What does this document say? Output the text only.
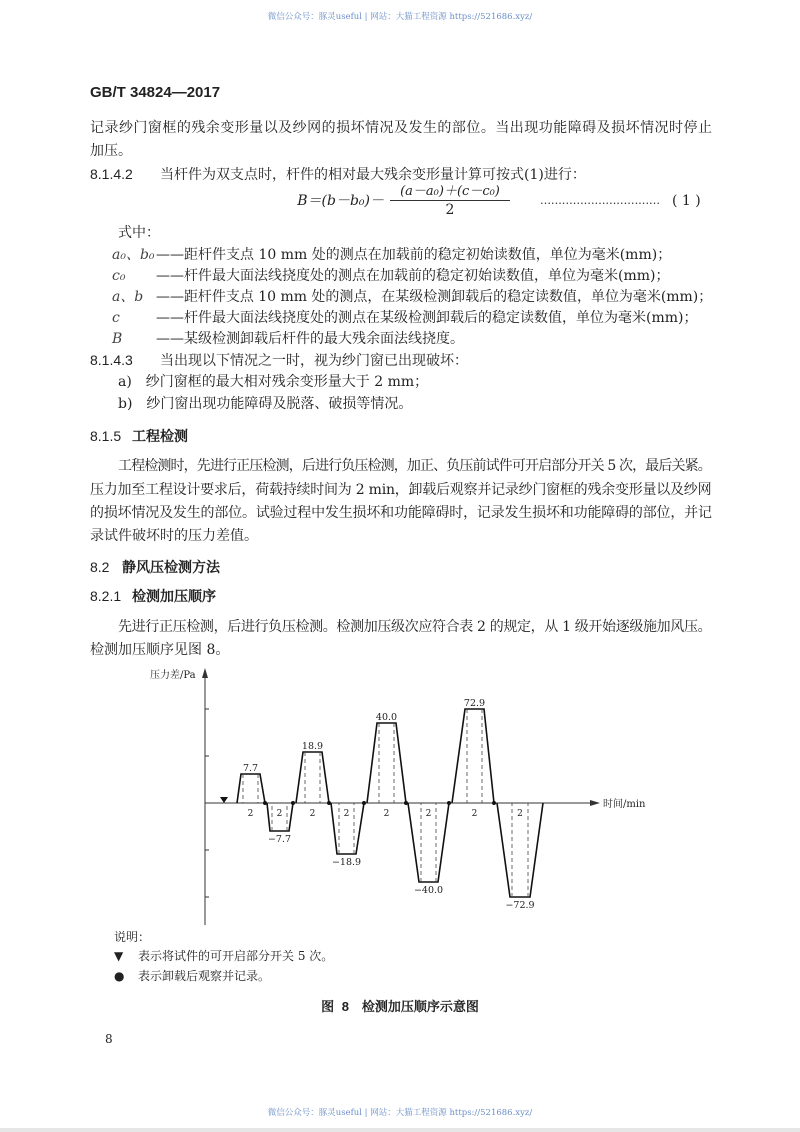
微信公众号：豚灵useful | 网站：大猫工程资源 https://521686.xyz/
GB/T 34824—2017
记录纱门窗框的残余变形量以及纱网的损坏情况及发生的部位。当出现功能障碍及损坏情况时停止
加压。
8.1.4.2 当杆件为双支点时，杆件的相对最大残余变形量计算可按式(1)进行：
B＝(b－b₀)－
(a－a₀)＋(c－c₀)
2
…………………………… ( 1 )
式中：
a₀、b₀——距杆件支点 10 mm 处的测点在加载前的稳定初始读数值，单位为毫米(mm)；
c₀ ——杆件最大面法线挠度处的测点在加载前的稳定初始读数值，单位为毫米(mm)；
a、b ——距杆件支点 10 mm 处的测点，在某级检测卸载后的稳定读数值，单位为毫米(mm)；
c	——杆件最大面法线挠度处的测点在某级检测卸载后的稳定读数值，单位为毫米(mm)；
B ——某级检测卸载后杆件的最大残余面法线挠度。
8.1.4.3 当出现以下情况之一时，视为纱门窗已出现破坏：
a)　纱门窗框的最大相对残余变形量大于 2 mm；
b)　纱门窗出现功能障碍及脱落、破损等情况。
8.1.5 工程检测
工程检测时，先进行正压检测，后进行负压检测，加正、负压前试件可开启部分开关 5 次，最后关紧。
压力加至工程设计要求后，荷载持续时间为 2 min，卸载后观察并记录纱门窗框的残余变形量以及纱网
的损坏情况及发生的部位。试验过程中发生损坏和功能障碍时，记录发生损坏和功能障碍的部位，并记
录试件破坏时的压力差值。
8.2 静风压检测方法
8.2.1 检测加压顺序
先进行正压检测，后进行负压检测。检测加压级次应符合表 2 的规定，从 1 级开始逐级施加风压。
检测加压顺序见图 8。
压力差/Pa
时间/min
2
7.7
2
−7.7
2
18.9
2
−18.9
2
40.0
2
−40.0
2
72.9
2
−72.9
说明：
▼ 表示将试件的可开启部分开关 5 次。
● 表示卸载后观察并记录。
图 8　检测加压顺序示意图
8
微信公众号：豚灵useful | 网站：大猫工程资源 https://521686.xyz/
